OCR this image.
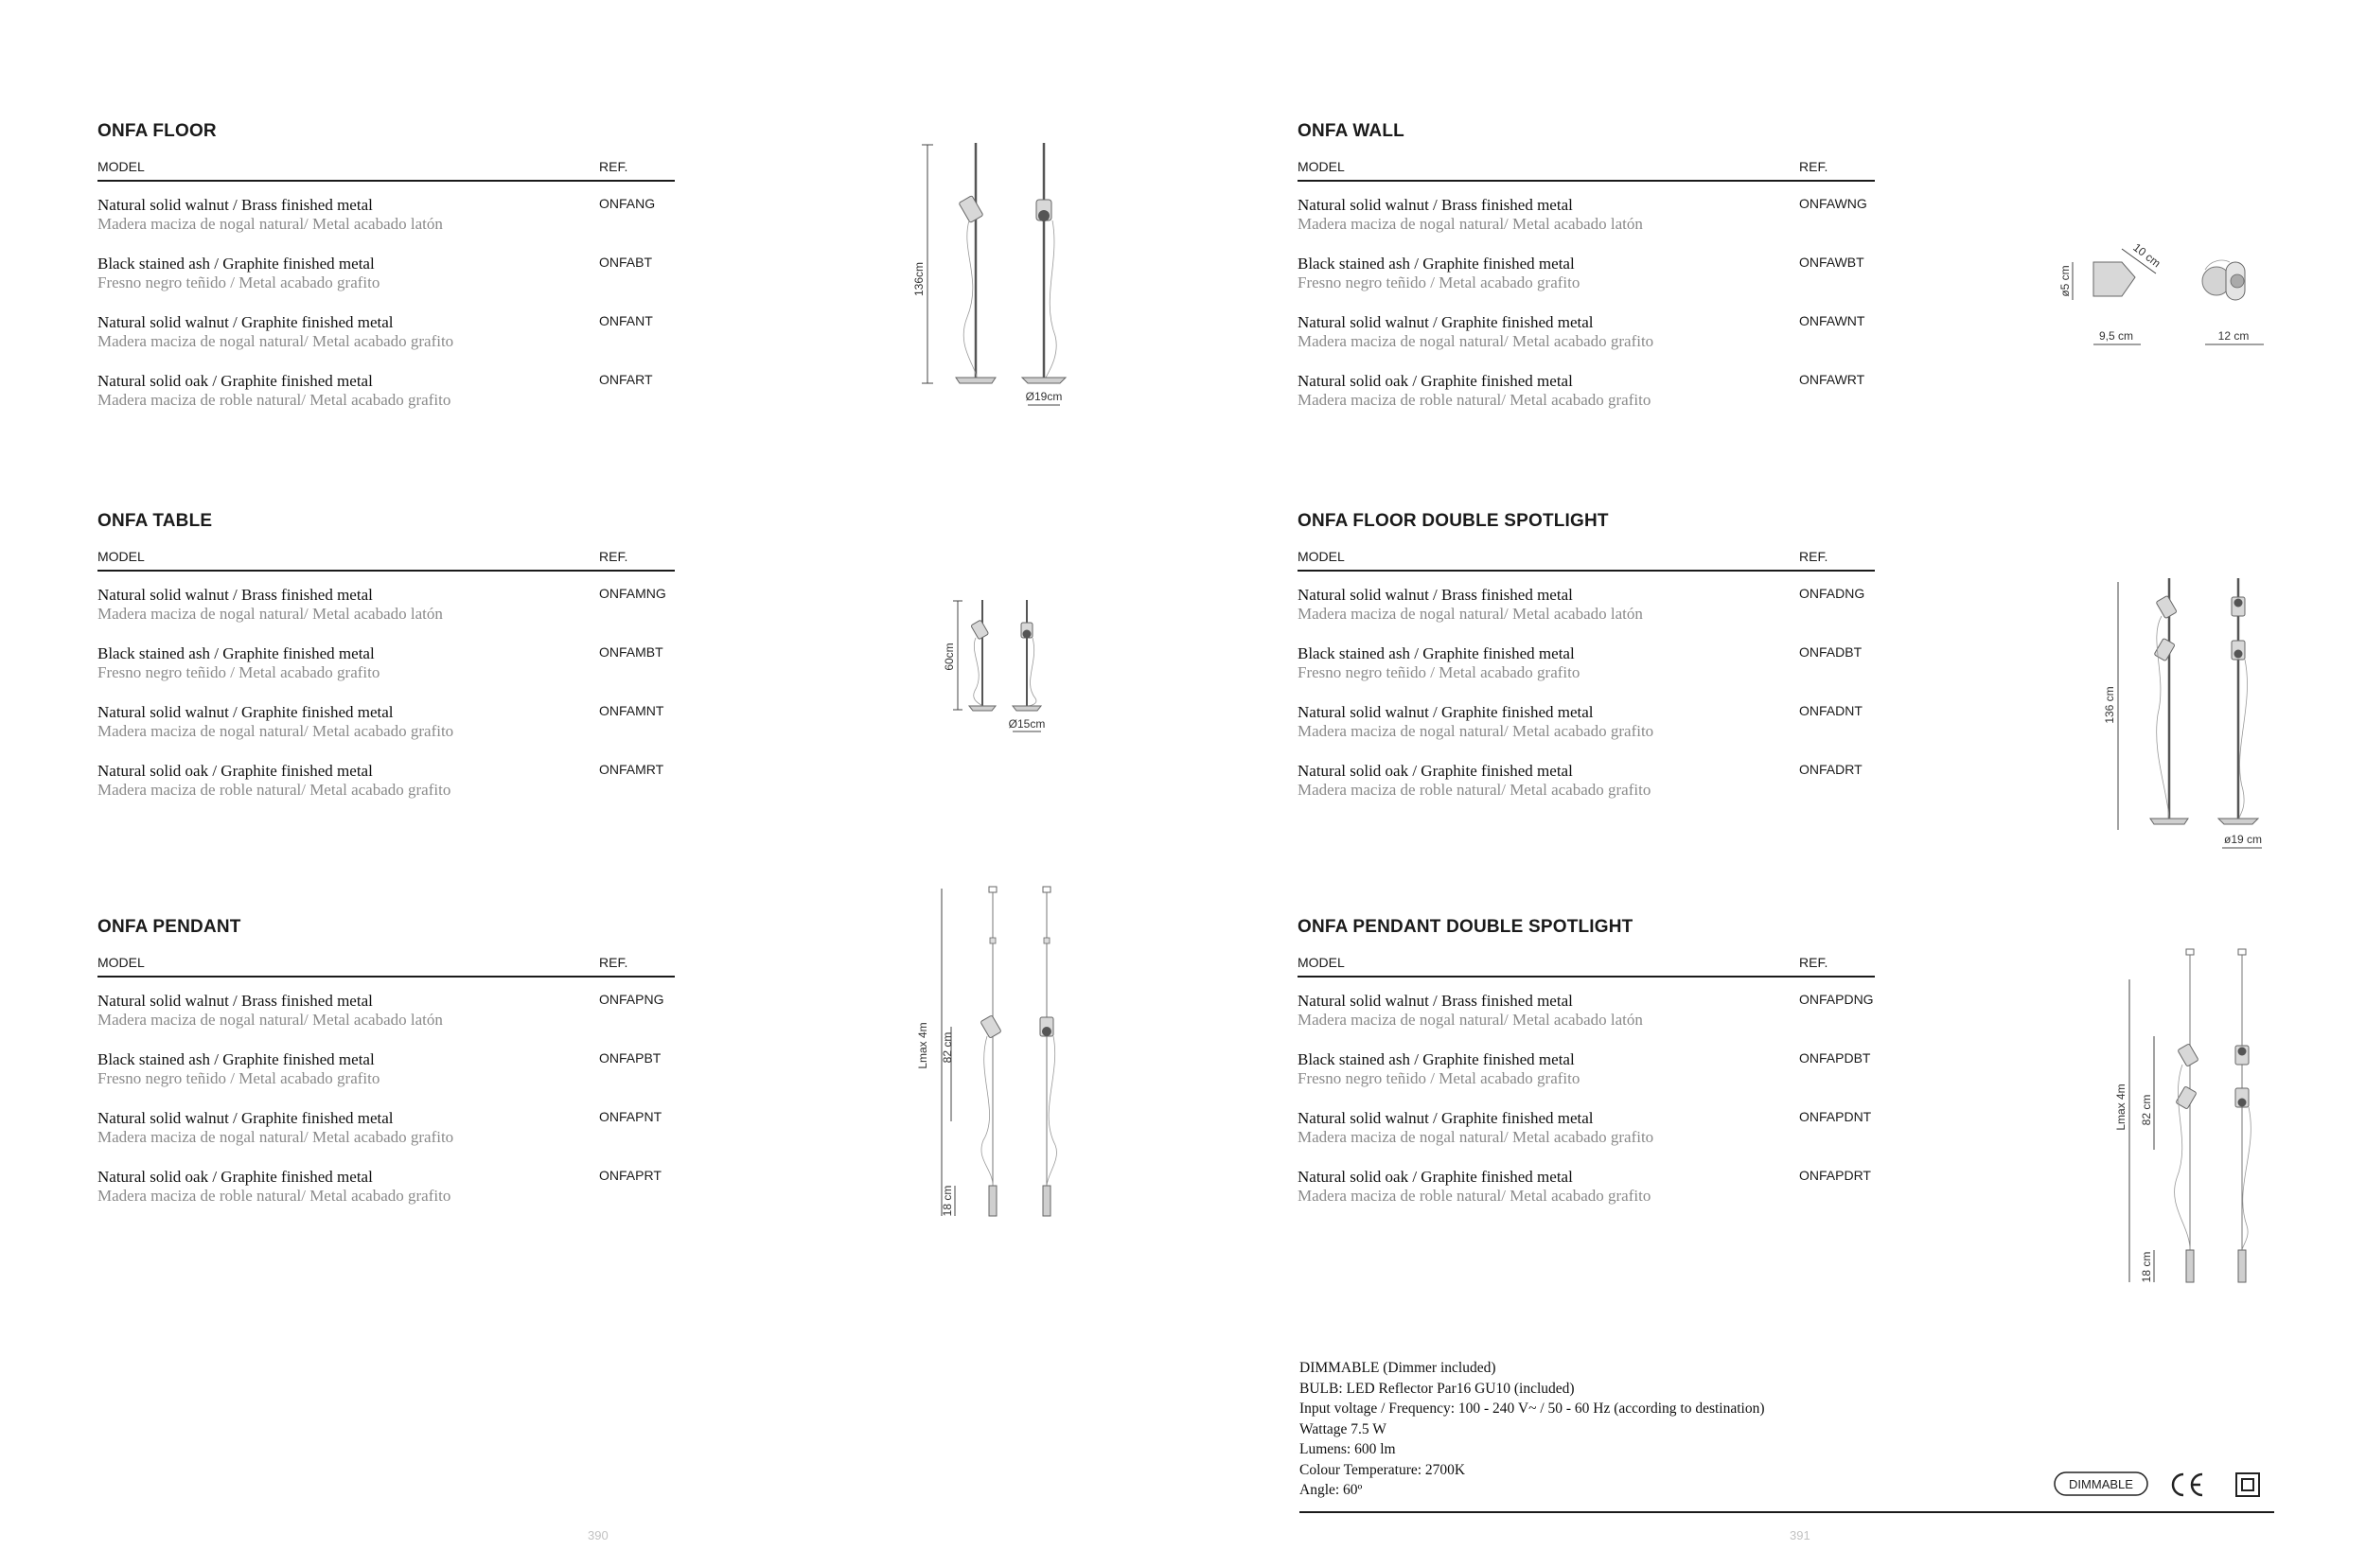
ONFA FLOOR
MODEL	REF.
Natural solid walnut / Brass finished metal
Madera maciza de nogal natural/ Metal acabado latón
ONFANG
Black stained ash / Graphite finished metal
Fresno negro teñido / Metal acabado grafito
ONFABT
Natural solid walnut / Graphite finished metal
Madera maciza de nogal natural/ Metal acabado grafito
ONFANT
Natural solid oak / Graphite finished metal
Madera maciza de roble natural/ Metal acabado grafito
ONFART
ONFA TABLE
MODEL	REF.
Natural solid walnut / Brass finished metal
Madera maciza de nogal natural/ Metal acabado latón
ONFAMNG
Black stained ash / Graphite finished metal
Fresno negro teñido / Metal acabado grafito
ONFAMBT
Natural solid walnut / Graphite finished metal
Madera maciza de nogal natural/ Metal acabado grafito
ONFAMNT
Natural solid oak / Graphite finished metal
Madera maciza de roble natural/ Metal acabado grafito
ONFAMRT
ONFA PENDANT
MODEL	REF.
Natural solid walnut / Brass finished metal
Madera maciza de nogal natural/ Metal acabado latón
ONFAPNG
Black stained ash / Graphite finished metal
Fresno negro teñido / Metal acabado grafito
ONFAPBT
Natural solid walnut / Graphite finished metal
Madera maciza de nogal natural/ Metal acabado grafito
ONFAPNT
Natural solid oak / Graphite finished metal
Madera maciza de roble natural/ Metal acabado grafito
ONFAPRT
136cm
Ø19cm
60cm
Ø15cm
Lmax 4m 82 cm
18 cm
390
ONFA WALL
MODEL	REF.
Natural solid walnut / Brass finished metal
Madera maciza de nogal natural/ Metal acabado latón
ONFAWNG
Black stained ash / Graphite finished metal
Fresno negro teñido / Metal acabado grafito
ONFAWBT
Natural solid walnut / Graphite finished metal
Madera maciza de nogal natural/ Metal acabado grafito
ONFAWNT
Natural solid oak / Graphite finished metal
Madera maciza de roble natural/ Metal acabado grafito
ONFAWRT
ONFA FLOOR DOUBLE SPOTLIGHT
MODEL	REF.
Natural solid walnut / Brass finished metal
Madera maciza de nogal natural/ Metal acabado latón
ONFADNG
Black stained ash / Graphite finished metal
Fresno negro teñido / Metal acabado grafito
ONFADBT
Natural solid walnut / Graphite finished metal
Madera maciza de nogal natural/ Metal acabado grafito
ONFADNT
Natural solid oak / Graphite finished metal
Madera maciza de roble natural/ Metal acabado grafito
ONFADRT
ONFA PENDANT DOUBLE SPOTLIGHT
MODEL	REF.
Natural solid walnut / Brass finished metal
Madera maciza de nogal natural/ Metal acabado latón
ONFAPDNG
Black stained ash / Graphite finished metal
Fresno negro teñido / Metal acabado grafito
ONFAPDBT
Natural solid walnut / Graphite finished metal
Madera maciza de nogal natural/ Metal acabado grafito
ONFAPDNT
Natural solid oak / Graphite finished metal
Madera maciza de roble natural/ Metal acabado grafito
ONFAPDRT
ø5 cm
10 cm
9,5 cm	12 cm
136 cm
ø19 cm
Lmax 4m 82 cm
18 cm
DIMMABLE (Dimmer included)
BULB: LED Reflector Par16 GU10 (included)
Input voltage / Frequency: 100 - 240 V~ / 50 - 60 Hz (according to destination)
Wattage 7.5 W
Lumens: 600 lm
Colour Temperature: 2700K
Angle: 60º	DIMMABLE
391
